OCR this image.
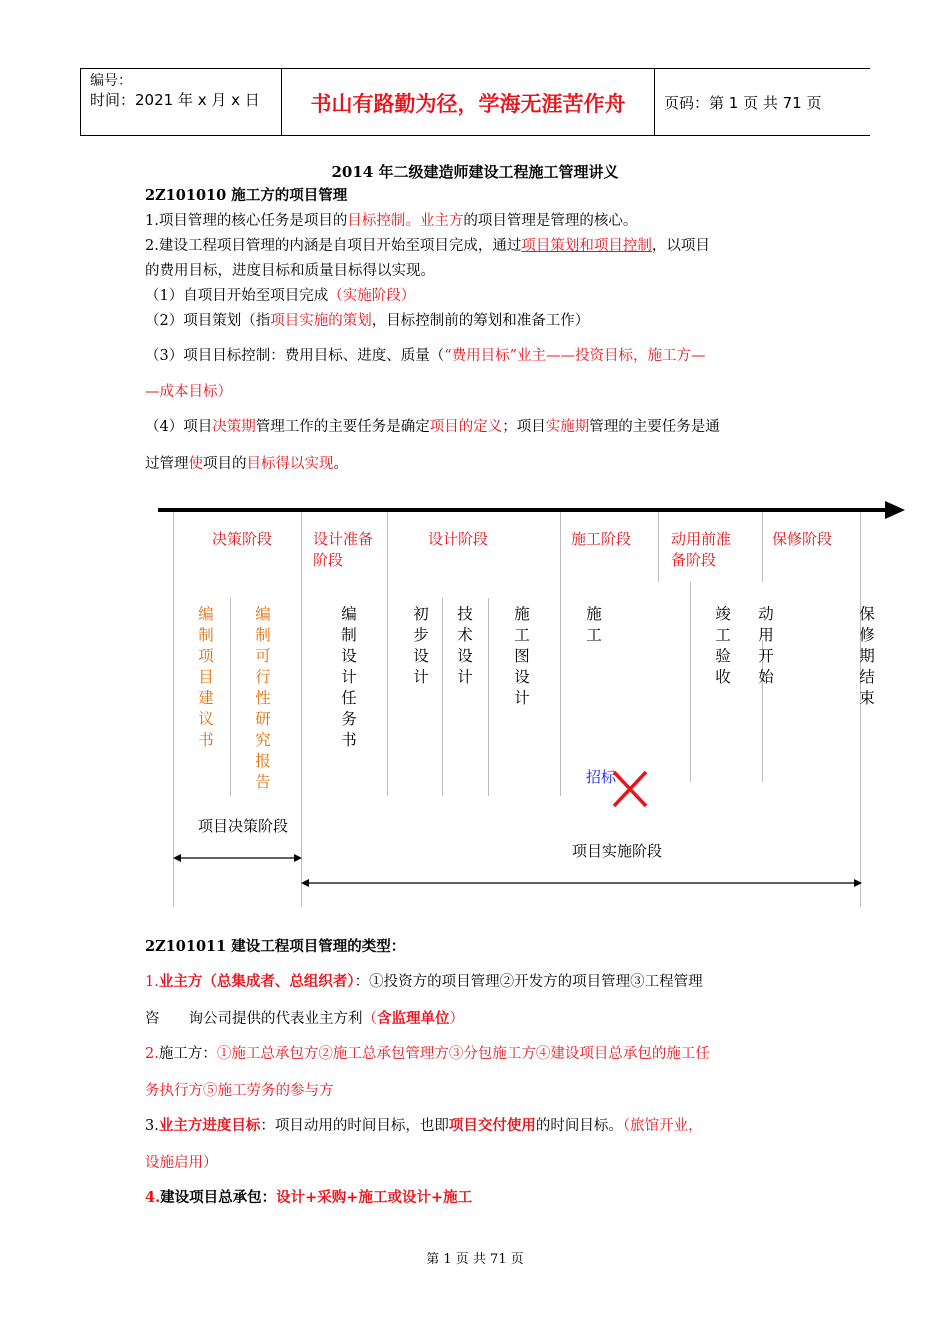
编号：
时间：2021 年 x 月 x 日	书山有路勤为径，学海无涯苦作舟	页码：第 1 页 共 71 页
2014 年二级建造师建设工程施工管理讲义
2Z101010 施工方的项目管理
1.项目管理的核心任务是项目的目标控制。业主方的项目管理是管理的核心。
2.建设工程项目管理的内涵是自项目开始至项目完成，通过项目策划和项目控制，以项目
的费用目标，进度目标和质量目标得以实现。
（1）自项目开始至项目完成（实施阶段）
（2）项目策划（指项目实施的策划，目标控制前的筹划和准备工作）
（3）项目目标控制：费用目标、进度、质量（“费用目标”业主——投资目标，施工方—
—成本目标）
（4）项目决策期管理工作的主要任务是确定项目的定义；项目实施期管理的主要任务是通
过管理使项目的目标得以实现。
决策阶段	设计准备阶段
设计阶段	施工阶段	动用前准备阶段
保修阶段
编制项目建议书
编制可行性研究报告
编制设计任务书
初步设计
技术设计
施工图设计
施工
竣工验收
动用开始
保修期结束
招标
项目决策阶段
项目实施阶段
2Z101011 建设工程项目管理的类型：
1.业主方（总集成者、总组织者）：①投资方的项目管理②开发方的项目管理③工程管理
咨　　询公司提供的代表业主方利（含监理单位）
2.施工方：①施工总承包方②施工总承包管理方③分包施工方④建设项目总承包的施工任
务执行方⑤施工劳务的参与方
3.业主方进度目标：项目动用的时间目标，也即项目交付使用的时间目标。（旅馆开业，
设施启用）
4.建设项目总承包：设计+采购+施工或设计+施工
第 1 页 共 71 页
